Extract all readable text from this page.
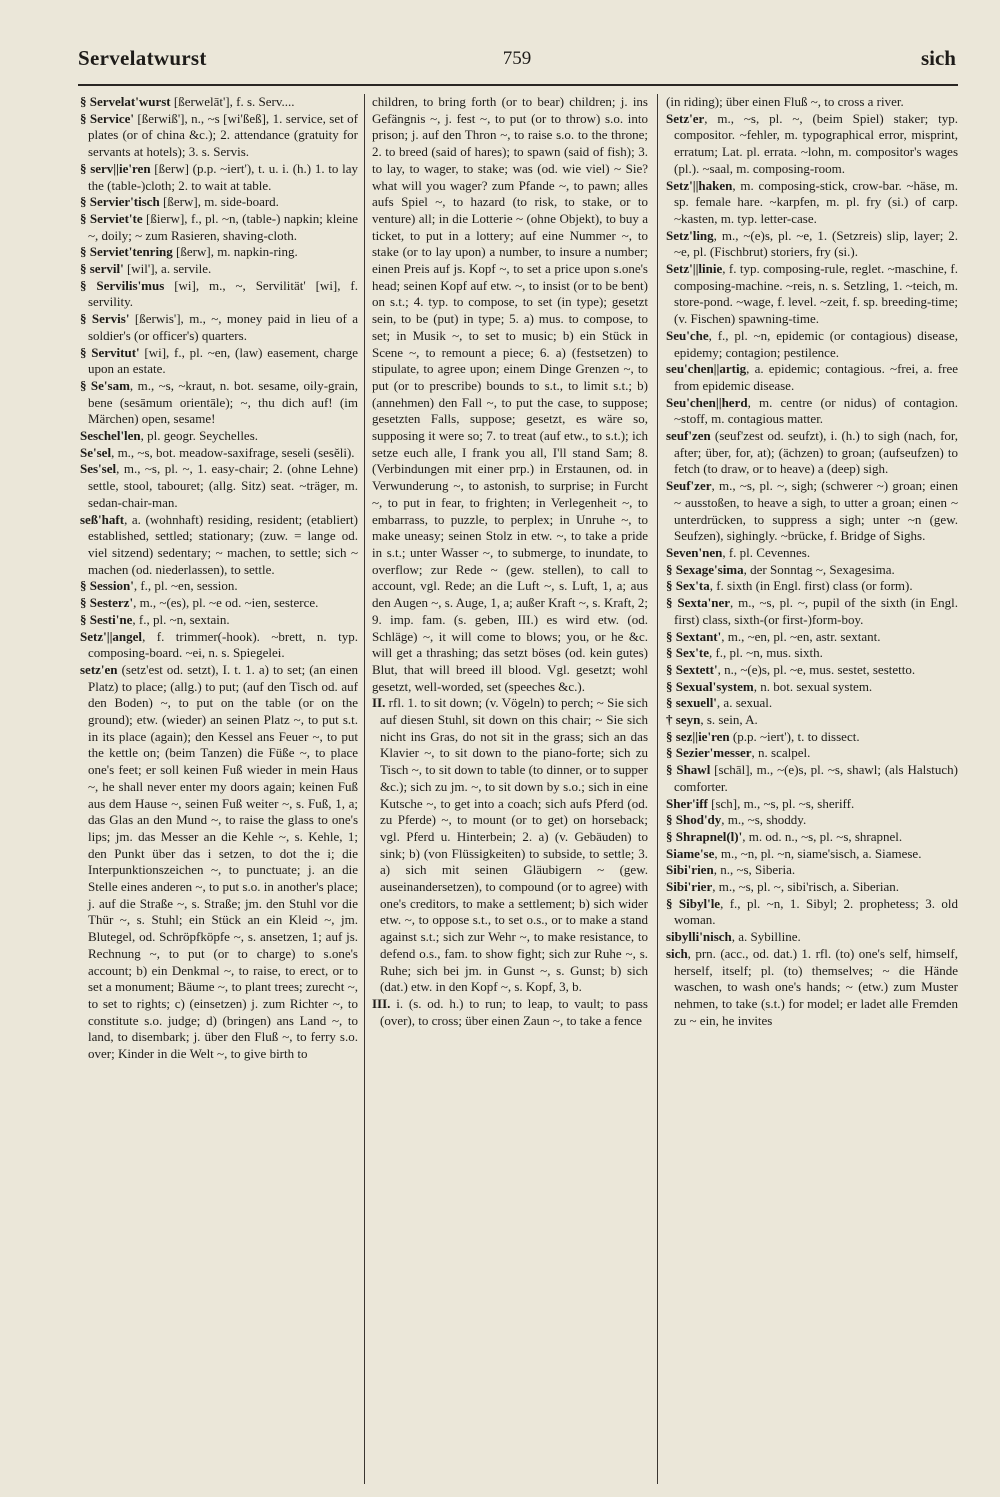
Servelatwurst	759	sich

§ Servelat'wurst [ßerwelāt'], f. s. Serv....

§ Service' [ßerwiß'], n., ~s [wi'ßeß], 1. service, set of plates (or of china &c.); 2. attendance (gratuity for servants at hotels); 3. s. Servis.

§ serv||ie'ren [ßerw] (p.p. ~iert'), t. u. i. (h.) 1. to lay the (table-)cloth; 2. to wait at table.

§ Servier'tisch [ßerw], m. side-board.

§ Serviet'te [ßierw], f., pl. ~n, (table-) napkin; kleine ~, doily; ~ zum Rasieren, shaving-cloth.

§ Serviet'tenring [ßerw], m. napkin-ring.

§ servil' [wil'], a. servile.

§ Servilis'mus [wi], m., ~, Servilität' [wi], f. servility.

§ Servis' [ßerwis'], m., ~, money paid in lieu of a soldier's (or officer's) quarters.

§ Servitut' [wi], f., pl. ~en, (law) easement, charge upon an estate.

§ Se'sam, m., ~s, ~kraut, n. bot. sesame, oily-grain, bene (sesāmum orientāle); ~, thu dich auf! (im Märchen) open, sesame!

Seschel'len, pl. geogr. Seychelles.

Se'sel, m., ~s, bot. meadow-saxifrage, seseli (sesĕli).

Ses'sel, m., ~s, pl. ~, 1. easy-chair; 2. (ohne Lehne) settle, stool, tabouret; (allg. Sitz) seat. ~träger, m. sedan-chair-man.

seß'haft, a. (wohnhaft) residing, resident; (etabliert) established, settled; stationary; (zuw. = lange od. viel sitzend) sedentary; ~ machen, to settle; sich ~ machen (od. niederlassen), to settle.

§ Session', f., pl. ~en, session.

§ Sesterz', m., ~(es), pl. ~e od. ~ien, sesterce.

§ Sesti'ne, f., pl. ~n, sextain.

Setz'||angel, f. trimmer(-hook). ~brett, n. typ. composing-board. ~ei, n. s. Spiegelei.

setz'en (setz'est od. setzt), I. t. 1. a) to set; (an einen Platz) to place; (allg.) to put; (auf den Tisch od. auf den Boden) ~, to put on the table (or on the ground); etw. (wieder) an seinen Platz ~, to put s.t. in its place (again); den Kessel ans Feuer ~, to put the kettle on; (beim Tanzen) die Füße ~, to place one's feet; er soll keinen Fuß wieder in mein Haus ~, he shall never enter my doors again; keinen Fuß aus dem Hause ~, seinen Fuß weiter ~, s. Fuß, 1, a; das Glas an den Mund ~, to raise the glass to one's lips; jm. das Messer an die Kehle ~, s. Kehle, 1; den Punkt über das i setzen, to dot the i; die Interpunktionszeichen ~, to punctuate; j. an die Stelle eines anderen ~, to put s.o. in another's place; j. auf die Straße ~, s. Straße; jm. den Stuhl vor die Thür ~, s. Stuhl; ein Stück an ein Kleid ~, jm. Blutegel, od. Schröpfköpfe ~, s. ansetzen, 1; auf js. Rechnung ~, to put (or to charge) to s.one's account; b) ein Denkmal ~, to raise, to erect, or to set a monument; Bäume ~, to plant trees; zurecht ~, to set to rights; c) (einsetzen) j. zum Richter ~, to constitute s.o. judge; d) (bringen) ans Land ~, to land, to disembark; j. über den Fluß ~, to ferry s.o. over; Kinder in die Welt ~, to give birth to

children, to bring forth (or to bear) children; j. ins Gefängnis ~, j. fest ~, to put (or to throw) s.o. into prison; j. auf den Thron ~, to raise s.o. to the throne; 2. to breed (said of hares); to spawn (said of fish); 3. to lay, to wager, to stake; was (od. wie viel) ~ Sie? what will you wager? zum Pfande ~, to pawn; alles aufs Spiel ~, to hazard (to risk, to stake, or to venture) all; in die Lotterie ~ (ohne Objekt), to buy a ticket, to put in a lottery; auf eine Nummer ~, to stake (or to lay upon) a number, to insure a number; einen Preis auf js. Kopf ~, to set a price upon s.one's head; seinen Kopf auf etw. ~, to insist (or to be bent) on s.t.; 4. typ. to compose, to set (in type); gesetzt sein, to be (put) in type; 5. a) mus. to compose, to set; in Musik ~, to set to music; b) ein Stück in Scene ~, to remount a piece; 6. a) (festsetzen) to stipulate, to agree upon; einem Dinge Grenzen ~, to put (or to prescribe) bounds to s.t., to limit s.t.; b) (annehmen) den Fall ~, to put the case, to suppose; gesetzten Falls, suppose; gesetzt, es wäre so, supposing it were so; 7. to treat (auf etw., to s.t.); ich setze euch alle, I frank you all, I'll stand Sam; 8. (Verbindungen mit einer prp.) in Erstaunen, od. in Verwunderung ~, to astonish, to surprise; in Furcht ~, to put in fear, to frighten; in Verlegenheit ~, to embarrass, to puzzle, to perplex; in Unruhe ~, to make uneasy; seinen Stolz in etw. ~, to take a pride in s.t.; unter Wasser ~, to submerge, to inundate, to overflow; zur Rede ~ (gew. stellen), to call to account, vgl. Rede; an die Luft ~, s. Luft, 1, a; aus den Augen ~, s. Auge, 1, a; außer Kraft ~, s. Kraft, 2; 9. imp. fam. (s. geben, III.) es wird etw. (od. Schläge) ~, it will come to blows; you, or he &c. will get a thrashing; das setzt böses (od. kein gutes) Blut, that will breed ill blood. Vgl. gesetzt; wohl gesetzt, well-worded, set (speeches &c.).

II. rfl. 1. to sit down; (v. Vögeln) to perch; ~ Sie sich auf diesen Stuhl, sit down on this chair; ~ Sie sich nicht ins Gras, do not sit in the grass; sich an das Klavier ~, to sit down to the piano-forte; sich zu Tisch ~, to sit down to table (to dinner, or to supper &c.); sich zu jm. ~, to sit down by s.o.; sich in eine Kutsche ~, to get into a coach; sich aufs Pferd (od. zu Pferde) ~, to mount (or to get) on horseback; vgl. Pferd u. Hinterbein; 2. a) (v. Gebäuden) to sink; b) (von Flüssigkeiten) to subside, to settle; 3. a) sich mit seinen Gläubigern ~ (gew. auseinandersetzen), to compound (or to agree) with one's creditors, to make a settlement; b) sich wider etw. ~, to oppose s.t., to set o.s., or to make a stand against s.t.; sich zur Wehr ~, to make resistance, to defend o.s., fam. to show fight; sich zur Ruhe ~, s. Ruhe; sich bei jm. in Gunst ~, s. Gunst; b) sich (dat.) etw. in den Kopf ~, s. Kopf, 3, b.

III. i. (s. od. h.) to run; to leap, to vault; to pass (over), to cross; über einen Zaun ~, to take a fence

(in riding); über einen Fluß ~, to cross a river.

Setz'er, m., ~s, pl. ~, (beim Spiel) staker; typ. compositor. ~fehler, m. typographical error, misprint, erratum; Lat. pl. errata. ~lohn, m. compositor's wages (pl.). ~saal, m. composing-room.

Setz'||haken, m. composing-stick, crow-bar. ~häse, m. sp. female hare. ~karpfen, m. pl. fry (si.) of carp. ~kasten, m. typ. letter-case.

Setz'ling, m., ~(e)s, pl. ~e, 1. (Setzreis) slip, layer; 2. ~e, pl. (Fischbrut) storiers, fry (si.).

Setz'||linie, f. typ. composing-rule, reglet. ~maschine, f. composing-machine. ~reis, n. s. Setzling, 1. ~teich, m. store-pond. ~wage, f. level. ~zeit, f. sp. breeding-time; (v. Fischen) spawning-time.

Seu'che, f., pl. ~n, epidemic (or contagious) disease, epidemy; contagion; pestilence.

seu'chen||artig, a. epidemic; contagious. ~frei, a. free from epidemic disease.

Seu'chen||herd, m. centre (or nidus) of contagion. ~stoff, m. contagious matter.

seuf'zen (seuf'zest od. seufzt), i. (h.) to sigh (nach, for, after; über, for, at); (ächzen) to groan; (aufseufzen) to fetch (to draw, or to heave) a (deep) sigh.

Seuf'zer, m., ~s, pl. ~, sigh; (schwerer ~) groan; einen ~ ausstoßen, to heave a sigh, to utter a groan; einen ~ unterdrücken, to suppress a sigh; unter ~n (gew. Seufzen), sighingly. ~brücke, f. Bridge of Sighs.

Seven'nen, f. pl. Cevennes.

§ Sexage'sima, der Sonntag ~, Sexagesima.

§ Sex'ta, f. sixth (in Engl. first) class (or form).

§ Sexta'ner, m., ~s, pl. ~, pupil of the sixth (in Engl. first) class, sixth-(or first-)form-boy.

§ Sextant', m., ~en, pl. ~en, astr. sextant.

§ Sex'te, f., pl. ~n, mus. sixth.

§ Sextett', n., ~(e)s, pl. ~e, mus. sestet, sestetto.

§ Sexual'system, n. bot. sexual system.

§ sexuell', a. sexual.

† seyn, s. sein, A.

§ sez||ie'ren (p.p. ~iert'), t. to dissect.

§ Sezier'messer, n. scalpel.

§ Shawl [schāl], m., ~(e)s, pl. ~s, shawl; (als Halstuch) comforter.

Sher'iff [sch], m., ~s, pl. ~s, sheriff.

§ Shod'dy, m., ~s, shoddy.

§ Shrapnel(l)', m. od. n., ~s, pl. ~s, shrapnel.

Siame'se, m., ~n, pl. ~n, siame'sisch, a. Siamese.

Sibi'rien, n., ~s, Siberia.

Sibi'rier, m., ~s, pl. ~, sibi'risch, a. Siberian.

§ Sibyl'le, f., pl. ~n, 1. Sibyl; 2. prophetess; 3. old woman.

sibylli'nisch, a. Sybilline.

sich, prn. (acc., od. dat.) 1. rfl. (to) one's self, himself, herself, itself; pl. (to) themselves; ~ die Hände waschen, to wash one's hands; ~ (etw.) zum Muster nehmen, to take (s.t.) for model; er ladet alle Fremden zu ~ ein, he invites
